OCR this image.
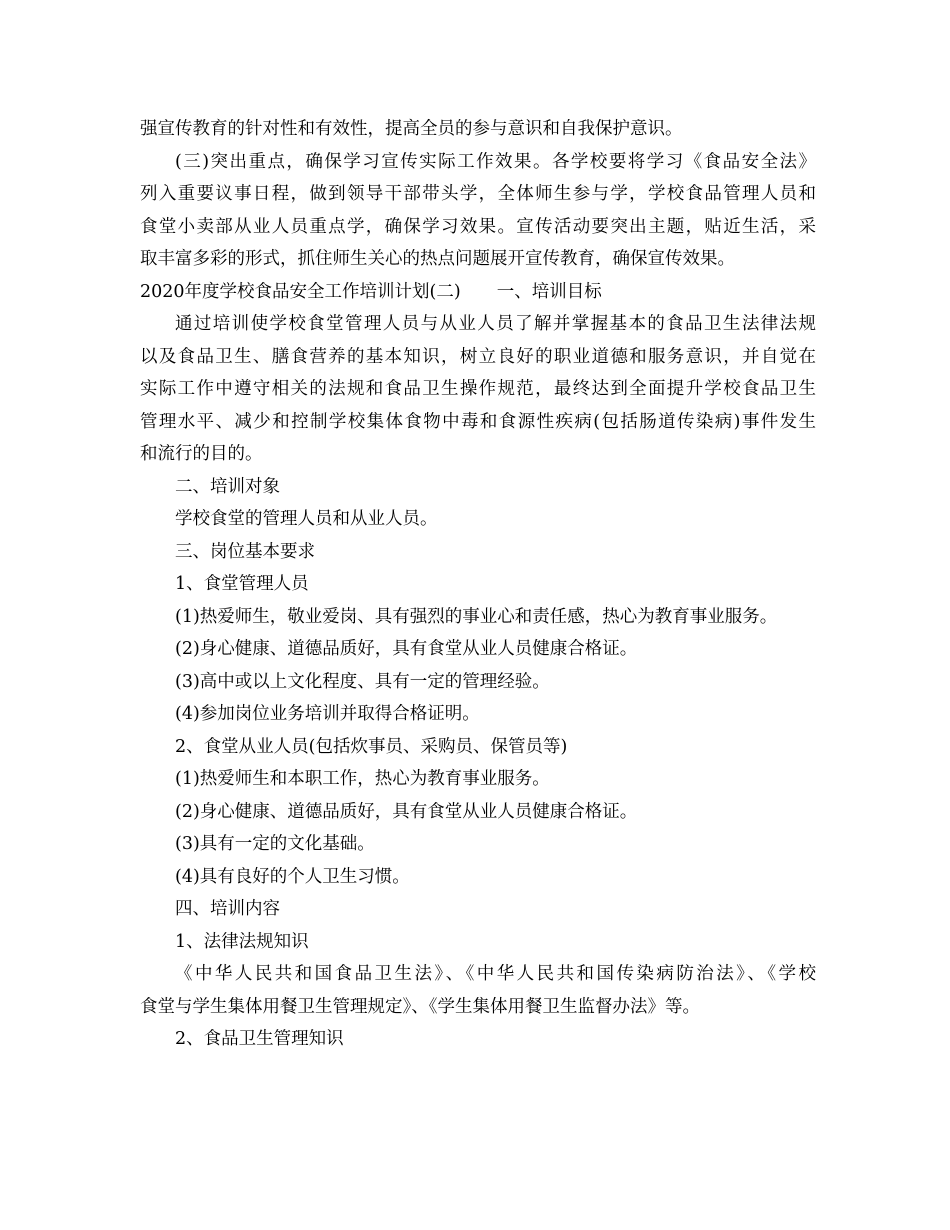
强宣传教育的针对性和有效性，提高全员的参与意识和自我保护意识。
(三)突出重点，确保学习宣传实际工作效果。各学校要将学习《食品安全法》
列入重要议事日程，做到领导干部带头学，全体师生参与学，学校食品管理人员和
食堂小卖部从业人员重点学，确保学习效果。宣传活动要突出主题，贴近生活，采
取丰富多彩的形式，抓住师生关心的热点问题展开宣传教育，确保宣传效果。
2020年度学校食品安全工作培训计划(二) 一、培训目标
通过培训使学校食堂管理人员与从业人员了解并掌握基本的食品卫生法律法规
以及食品卫生、膳食营养的基本知识，树立良好的职业道德和服务意识，并自觉在
实际工作中遵守相关的法规和食品卫生操作规范，最终达到全面提升学校食品卫生
管理水平、减少和控制学校集体食物中毒和食源性疾病(包括肠道传染病)事件发生
和流行的目的。
二、培训对象
学校食堂的管理人员和从业人员。
三、岗位基本要求
1、食堂管理人员
(1)热爱师生，敬业爱岗、具有强烈的事业心和责任感，热心为教育事业服务。
(2)身心健康、道德品质好，具有食堂从业人员健康合格证。
(3)高中或以上文化程度、具有一定的管理经验。
(4)参加岗位业务培训并取得合格证明。
2、食堂从业人员(包括炊事员、采购员、保管员等)
(1)热爱师生和本职工作，热心为教育事业服务。
(2)身心健康、道德品质好，具有食堂从业人员健康合格证。
(3)具有一定的文化基础。
(4)具有良好的个人卫生习惯。
四、培训内容
1、法律法规知识
《中华人民共和国食品卫生法》、《中华人民共和国传染病防治法》、《学校
食堂与学生集体用餐卫生管理规定》、《学生集体用餐卫生监督办法》等。
2、食品卫生管理知识
